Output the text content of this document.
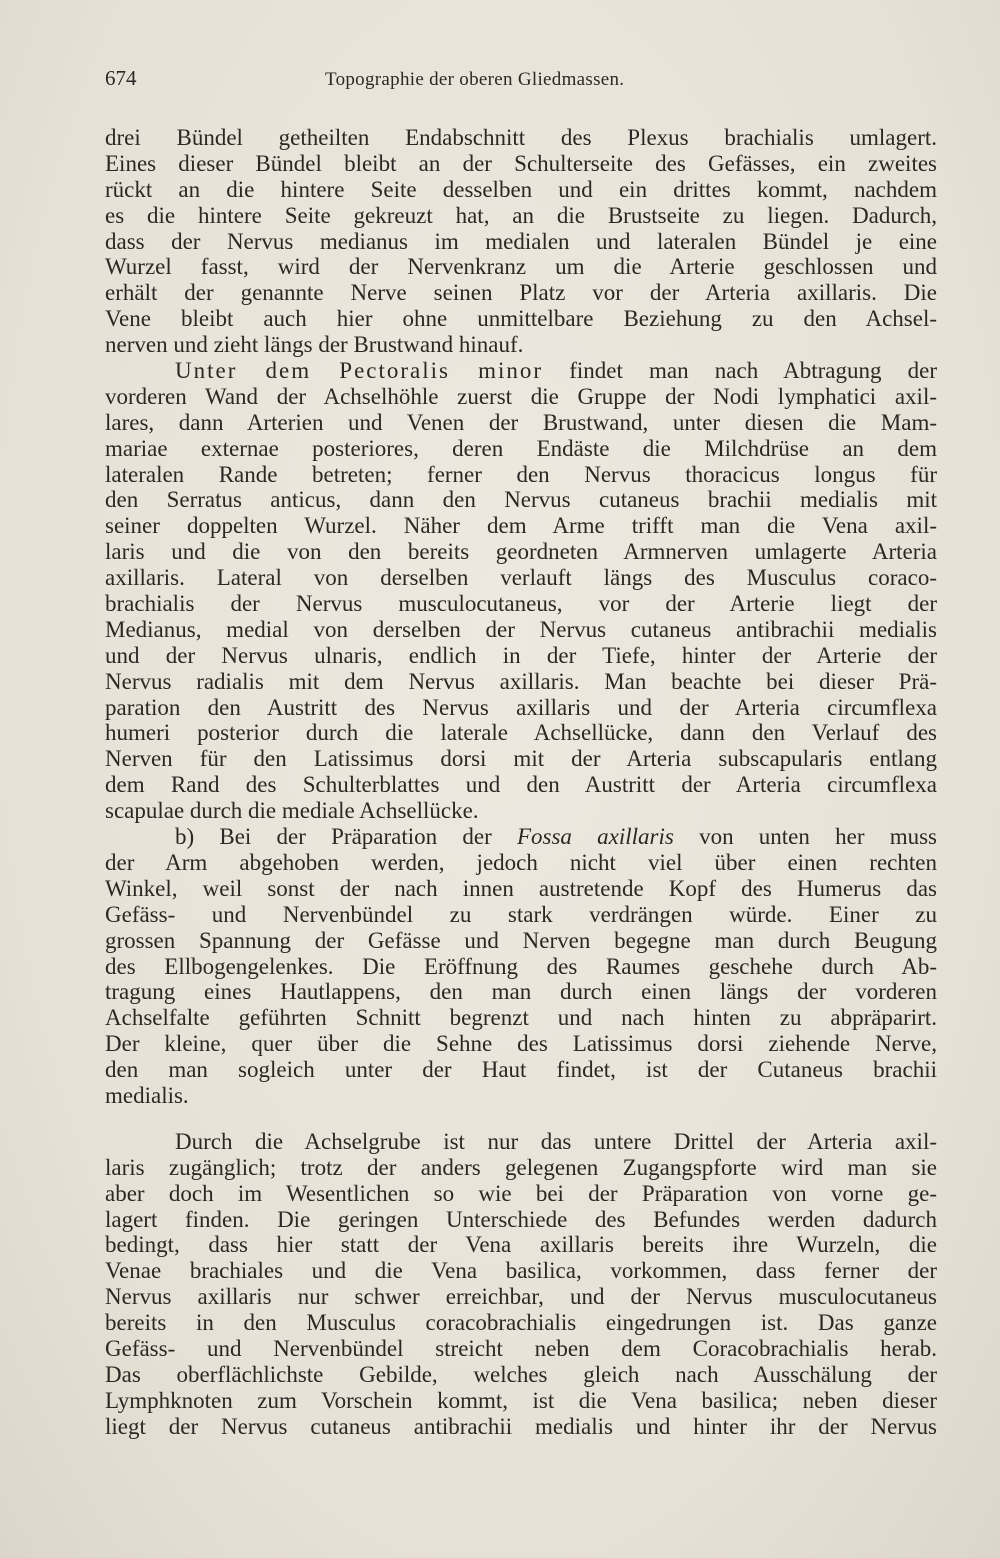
674	Topographie der oberen Gliedmassen.
drei Bündel getheilten Endabschnitt des Plexus brachialis umlagert.
Eines dieser Bündel bleibt an der Schulterseite des Gefässes, ein zweites
rückt an die hintere Seite desselben und ein drittes kommt, nachdem
es die hintere Seite gekreuzt hat, an die Brustseite zu liegen. Dadurch,
dass der Nervus medianus im medialen und lateralen Bündel je eine
Wurzel fasst, wird der Nervenkranz um die Arterie geschlossen und
erhält der genannte Nerve seinen Platz vor der Arteria axillaris. Die
Vene bleibt auch hier ohne unmittelbare Beziehung zu den Achsel-
nerven und zieht längs der Brustwand hinauf.
Unter dem Pectoralis minor findet man nach Abtragung der
vorderen Wand der Achselhöhle zuerst die Gruppe der Nodi lymphatici axil-
lares, dann Arterien und Venen der Brustwand, unter diesen die Mam-
mariae externae posteriores, deren Endäste die Milchdrüse an dem
lateralen Rande betreten; ferner den Nervus thoracicus longus für
den Serratus anticus, dann den Nervus cutaneus brachii medialis mit
seiner doppelten Wurzel. Näher dem Arme trifft man die Vena axil-
laris und die von den bereits geordneten Armnerven umlagerte Arteria
axillaris. Lateral von derselben verlauft längs des Musculus coraco-
brachialis der Nervus musculocutaneus, vor der Arterie liegt der
Medianus, medial von derselben der Nervus cutaneus antibrachii medialis
und der Nervus ulnaris, endlich in der Tiefe, hinter der Arterie der
Nervus radialis mit dem Nervus axillaris. Man beachte bei dieser Prä-
paration den Austritt des Nervus axillaris und der Arteria circumflexa
humeri posterior durch die laterale Achsellücke, dann den Verlauf des
Nerven für den Latissimus dorsi mit der Arteria subscapularis entlang
dem Rand des Schulterblattes und den Austritt der Arteria circumflexa
scapulae durch die mediale Achsellücke.
b) Bei der Präparation der Fossa axillaris von unten her muss
der Arm abgehoben werden, jedoch nicht viel über einen rechten
Winkel, weil sonst der nach innen austretende Kopf des Humerus das
Gefäss- und Nervenbündel zu stark verdrängen würde. Einer zu
grossen Spannung der Gefässe und Nerven begegne man durch Beugung
des Ellbogengelenkes. Die Eröffnung des Raumes geschehe durch Ab-
tragung eines Hautlappens, den man durch einen längs der vorderen
Achselfalte geführten Schnitt begrenzt und nach hinten zu abpräparirt.
Der kleine, quer über die Sehne des Latissimus dorsi ziehende Nerve,
den man sogleich unter der Haut findet, ist der Cutaneus brachii
medialis.
Durch die Achselgrube ist nur das untere Drittel der Arteria axil-
laris zugänglich; trotz der anders gelegenen Zugangspforte wird man sie
aber doch im Wesentlichen so wie bei der Präparation von vorne ge-
lagert finden. Die geringen Unterschiede des Befundes werden dadurch
bedingt, dass hier statt der Vena axillaris bereits ihre Wurzeln, die
Venae brachiales und die Vena basilica, vorkommen, dass ferner der
Nervus axillaris nur schwer erreichbar, und der Nervus musculocutaneus
bereits in den Musculus coracobrachialis eingedrungen ist. Das ganze
Gefäss- und Nervenbündel streicht neben dem Coracobrachialis herab.
Das oberflächlichste Gebilde, welches gleich nach Ausschälung der
Lymphknoten zum Vorschein kommt, ist die Vena basilica; neben dieser
liegt der Nervus cutaneus antibrachii medialis und hinter ihr der Nervus
